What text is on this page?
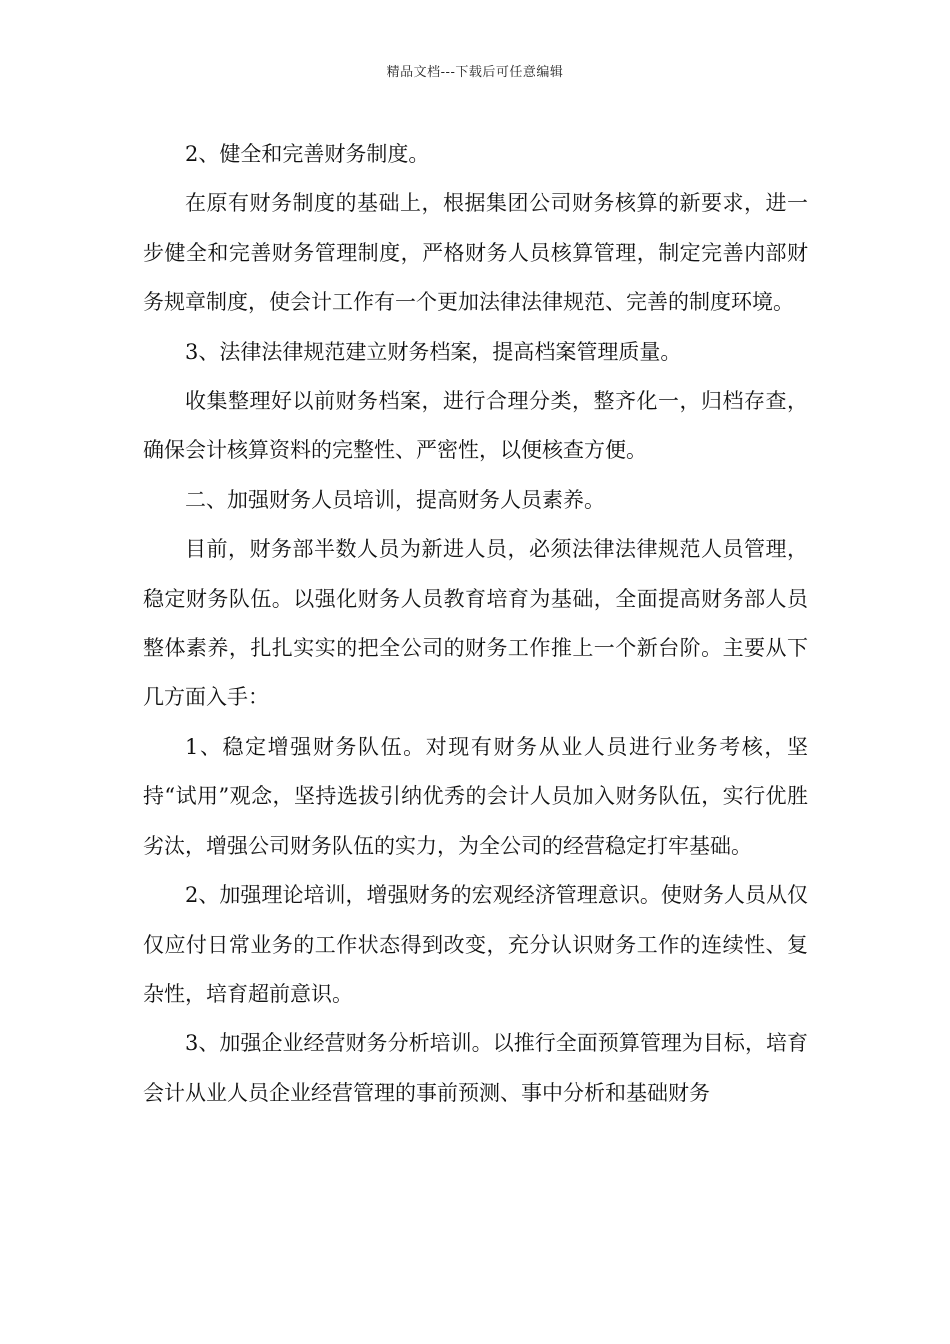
精品文档---下载后可任意编辑

2、健全和完善财务制度。

在原有财务制度的基础上，根据集团公司财务核算的新要求，进一步健全和完善财务管理制度，严格财务人员核算管理，制定完善内部财务规章制度，使会计工作有一个更加法律法律规范、完善的制度环境。

3、法律法律规范建立财务档案，提高档案管理质量。

收集整理好以前财务档案，进行合理分类，整齐化一，归档存查，确保会计核算资料的完整性、严密性，以便核查方便。

二、加强财务人员培训，提高财务人员素养。

目前，财务部半数人员为新进人员，必须法律法律规范人员管理，稳定财务队伍。以强化财务人员教育培育为基础，全面提高财务部人员整体素养，扎扎实实的把全公司的财务工作推上一个新台阶。主要从下几方面入手：

1、稳定增强财务队伍。对现有财务从业人员进行业务考核，坚持“试用”观念，坚持选拔引纳优秀的会计人员加入财务队伍，实行优胜劣汰，增强公司财务队伍的实力，为全公司的经营稳定打牢基础。

2、加强理论培训，增强财务的宏观经济管理意识。使财务人员从仅仅应付日常业务的工作状态得到改变，充分认识财务工作的连续性、复杂性，培育超前意识。

3、加强企业经营财务分析培训。以推行全面预算管理为目标，培育会计从业人员企业经营管理的事前预测、事中分析和基础财务
